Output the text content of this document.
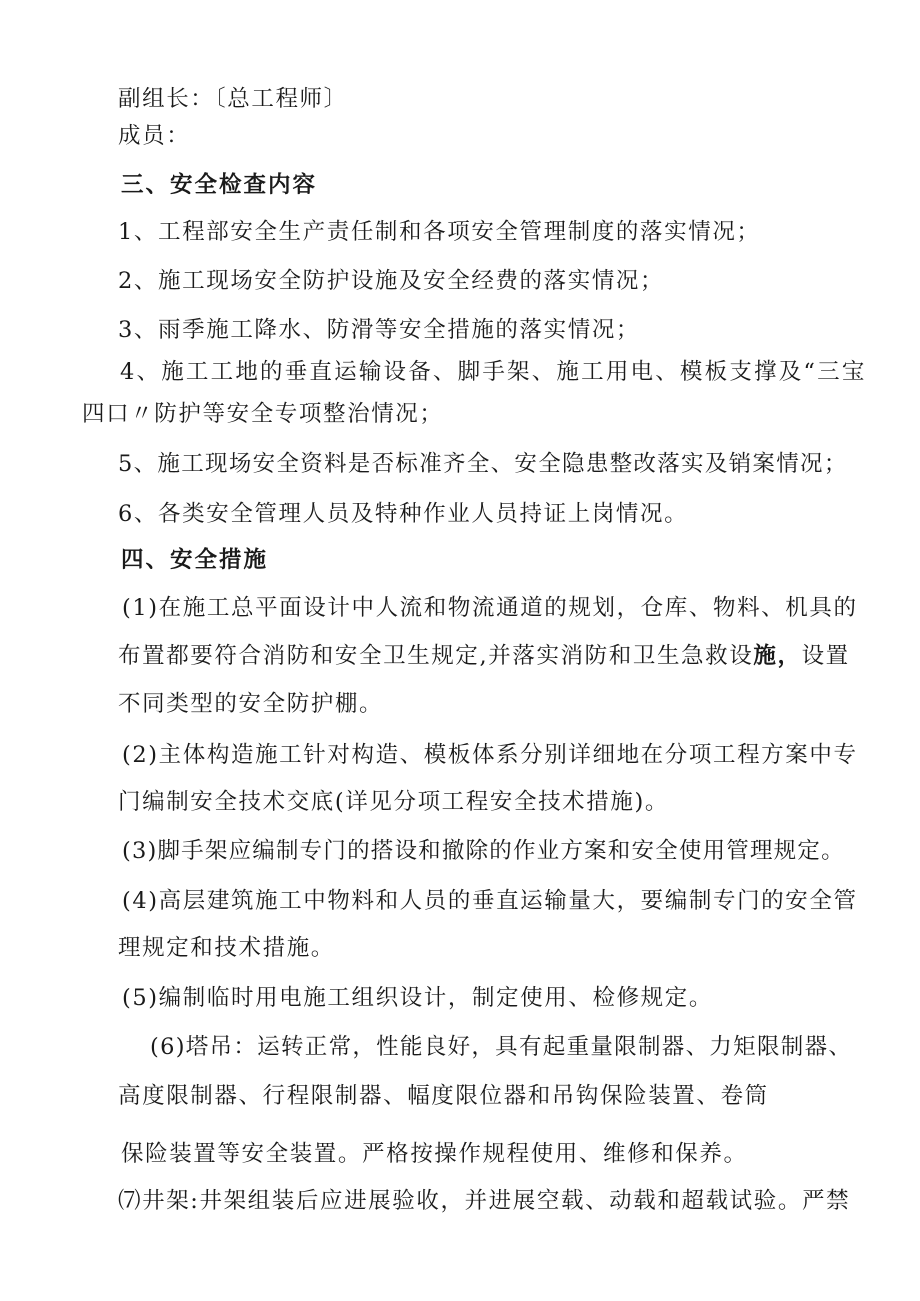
副组长：〔总工程师〕
成员：
三、安全检查内容
1、工程部安全生产责任制和各项安全管理制度的落实情况；
2、施工现场安全防护设施及安全经费的落实情况；
3、雨季施工降水、防滑等安全措施的落实情况；
4、施工工地的垂直运输设备、脚手架、施工用电、模板支撑及“三宝
四口〃防护等安全专项整治情况；
5、施工现场安全资料是否标准齐全、安全隐患整改落实及销案情况；
6、各类安全管理人员及特种作业人员持证上岗情况。
四、安全措施
(1)在施工总平面设计中人流和物流通道的规划，仓库、物料、机具的
布置都要符合消防和安全卫生规定,并落实消防和卫生急救设施，设置
不同类型的安全防护棚。
(2)主体构造施工针对构造、模板体系分别详细地在分项工程方案中专
门编制安全技术交底(详见分项工程安全技术措施)。
(3)脚手架应编制专门的搭设和撤除的作业方案和安全使用管理规定。
(4)高层建筑施工中物料和人员的垂直运输量大，要编制专门的安全管
理规定和技术措施。
(5)编制临时用电施工组织设计，制定使用、检修规定。
(6)塔吊：运转正常，性能良好，具有起重量限制器、力矩限制器、
高度限制器、行程限制器、幅度限位器和吊钩保险装置、卷筒
保险装置等安全装置。严格按操作规程使用、维修和保养。
⑺井架:井架组装后应进展验收，并进展空载、动载和超载试验。严禁
